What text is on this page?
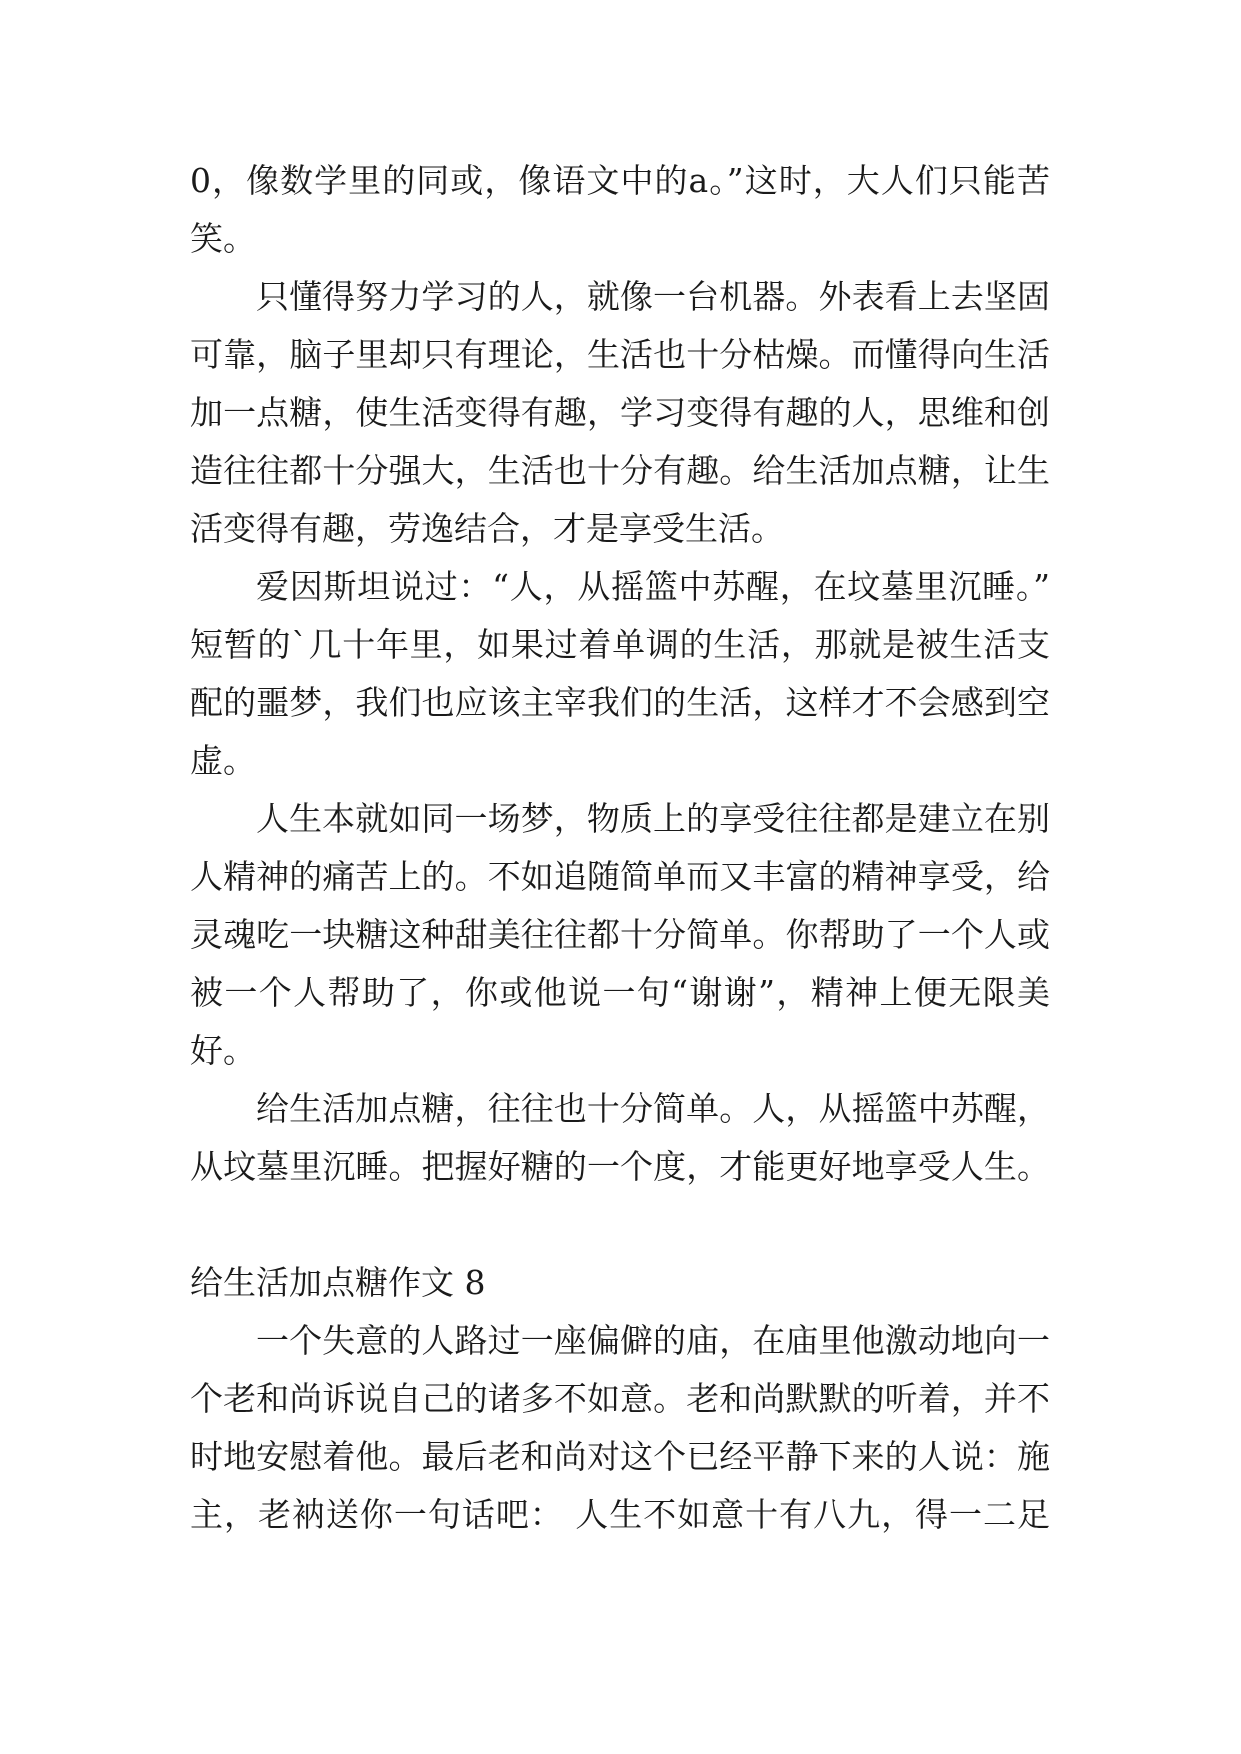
0，像数学里的同或，像语文中的a。”这时，大人们只能苦
笑。
只懂得努力学习的人，就像一台机器。外表看上去坚固
可靠，脑子里却只有理论，生活也十分枯燥。而懂得向生活
加一点糖，使生活变得有趣，学习变得有趣的人，思维和创
造往往都十分强大，生活也十分有趣。给生活加点糖，让生
活变得有趣，劳逸结合，才是享受生活。
爱因斯坦说过：“人，从摇篮中苏醒，在坟墓里沉睡。”
短暂的`几十年里，如果过着单调的生活，那就是被生活支
配的噩梦，我们也应该主宰我们的生活，这样才不会感到空
虚。
人生本就如同一场梦，物质上的享受往往都是建立在别
人精神的痛苦上的。不如追随简单而又丰富的精神享受，给
灵魂吃一块糖这种甜美往往都十分简单。你帮助了一个人或
被一个人帮助了，你或他说一句“谢谢”，精神上便无限美
好。
给生活加点糖，往往也十分简单。人，从摇篮中苏醒，
从坟墓里沉睡。把握好糖的一个度，才能更好地享受人生。
给生活加点糖作文 8
一个失意的人路过一座偏僻的庙，在庙里他激动地向一
个老和尚诉说自己的诸多不如意。老和尚默默的听着，并不
时地安慰着他。最后老和尚对这个已经平静下来的人说：施
主，老衲送你一句话吧： 人生不如意十有八九，得一二足
